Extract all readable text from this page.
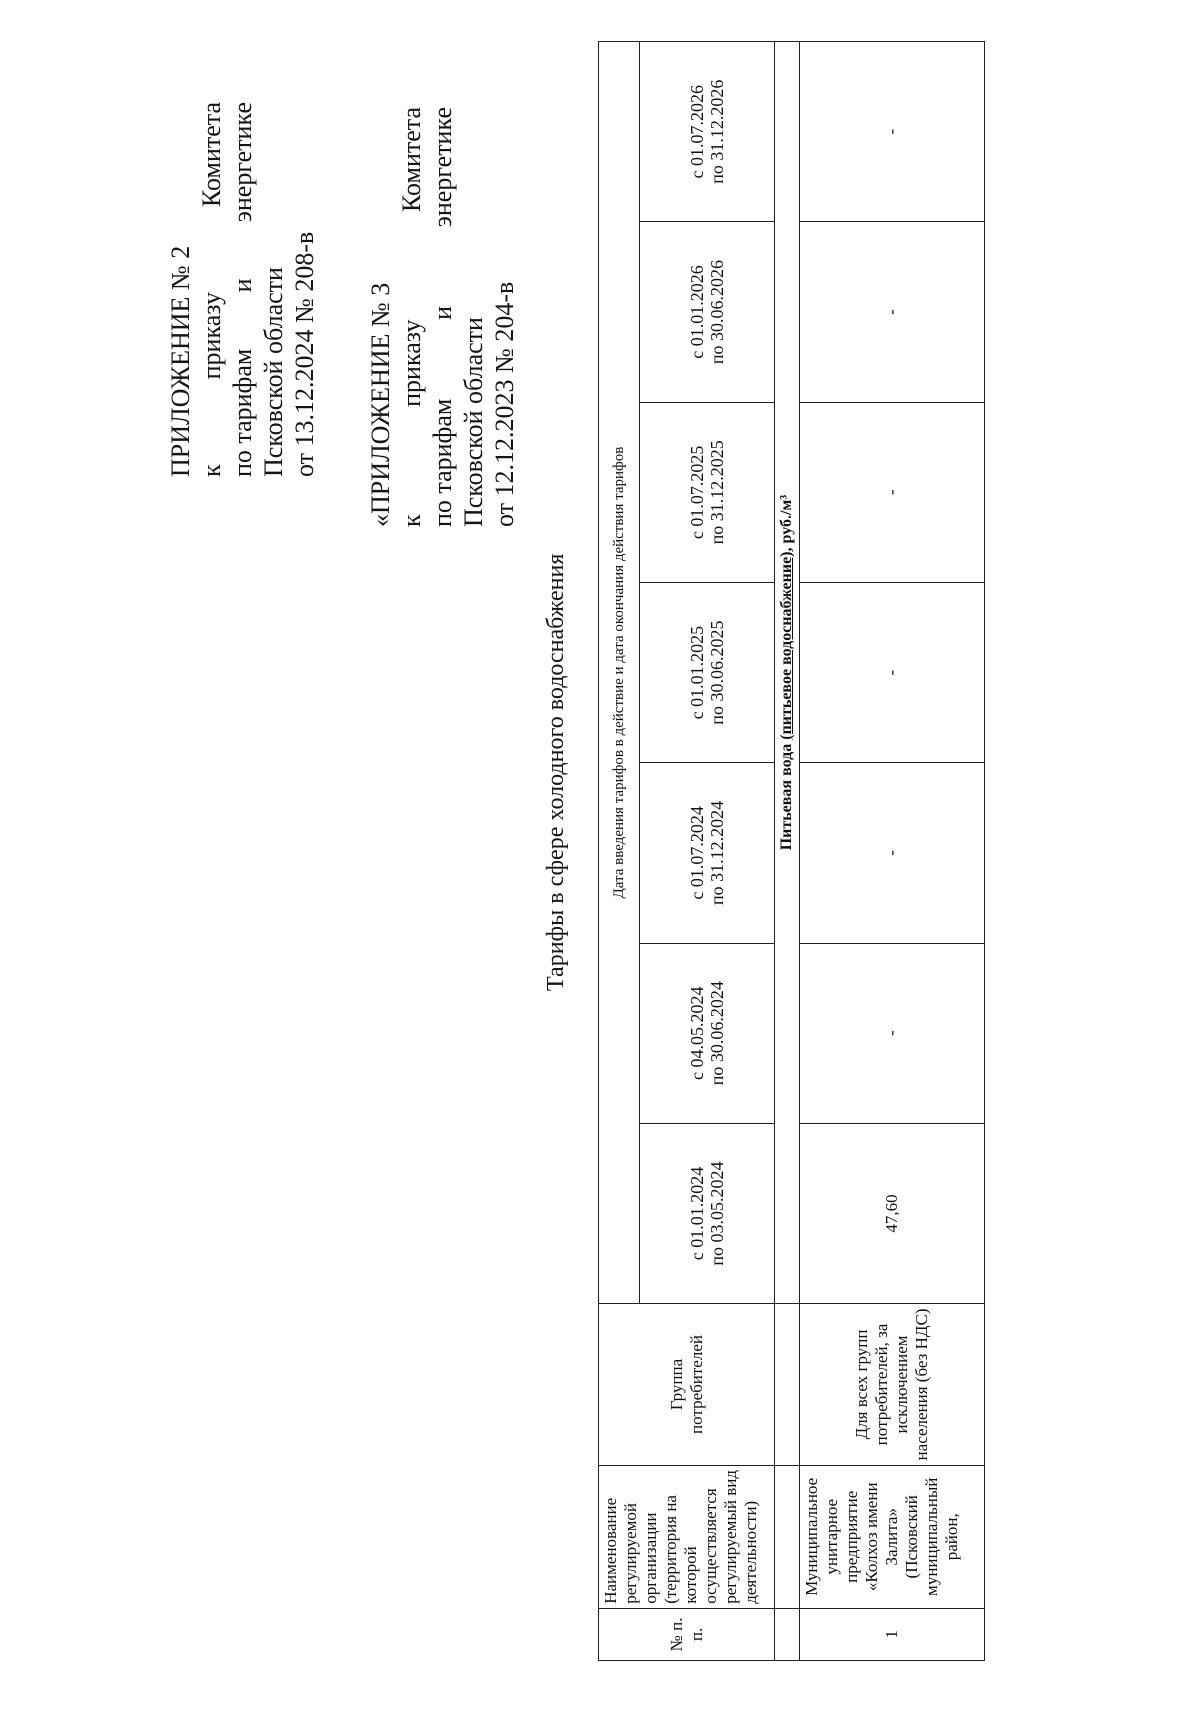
ПРИЛОЖЕНИЕ № 2 к
приказу
Комитета
по тарифам
и
энергетике
Псковской области от 13.12.2024 № 208-в «ПРИЛОЖЕНИЕ № 3 к
приказу
Комитета
по тарифам
и
энергетике
Псковской области от 12.12.2023 № 204-в
Тарифы в сфере холодного водоснабжения
№ п. п.	Наименование регулируемой организации (территория на которой осуществляется регулируемый вид деятельности)	Группа потребителей	Дата введения тарифов в действие и дата окончания действия тарифов						

			с 01.01.2024 по 03.05.2024	с 04.05.2024 по 30.06.2024	с 01.07.2024 по 31.12.2024	с 01.01.2025 по 30.06.2025	с 01.07.2025 по 31.12.2025	с 01.01.2026 по 30.06.2026	с 01.07.2026 по 31.12.2026

			Питьевая вода (питьевое водоснабжение), руб./м³						
1	Муниципальное унитарное предприятие «Колхоз имени Залита» (Псковский муниципальный район,	Для всех групп потребителей, за исключением населения (без НДС)	47,60	-	-	-	-	-	-
